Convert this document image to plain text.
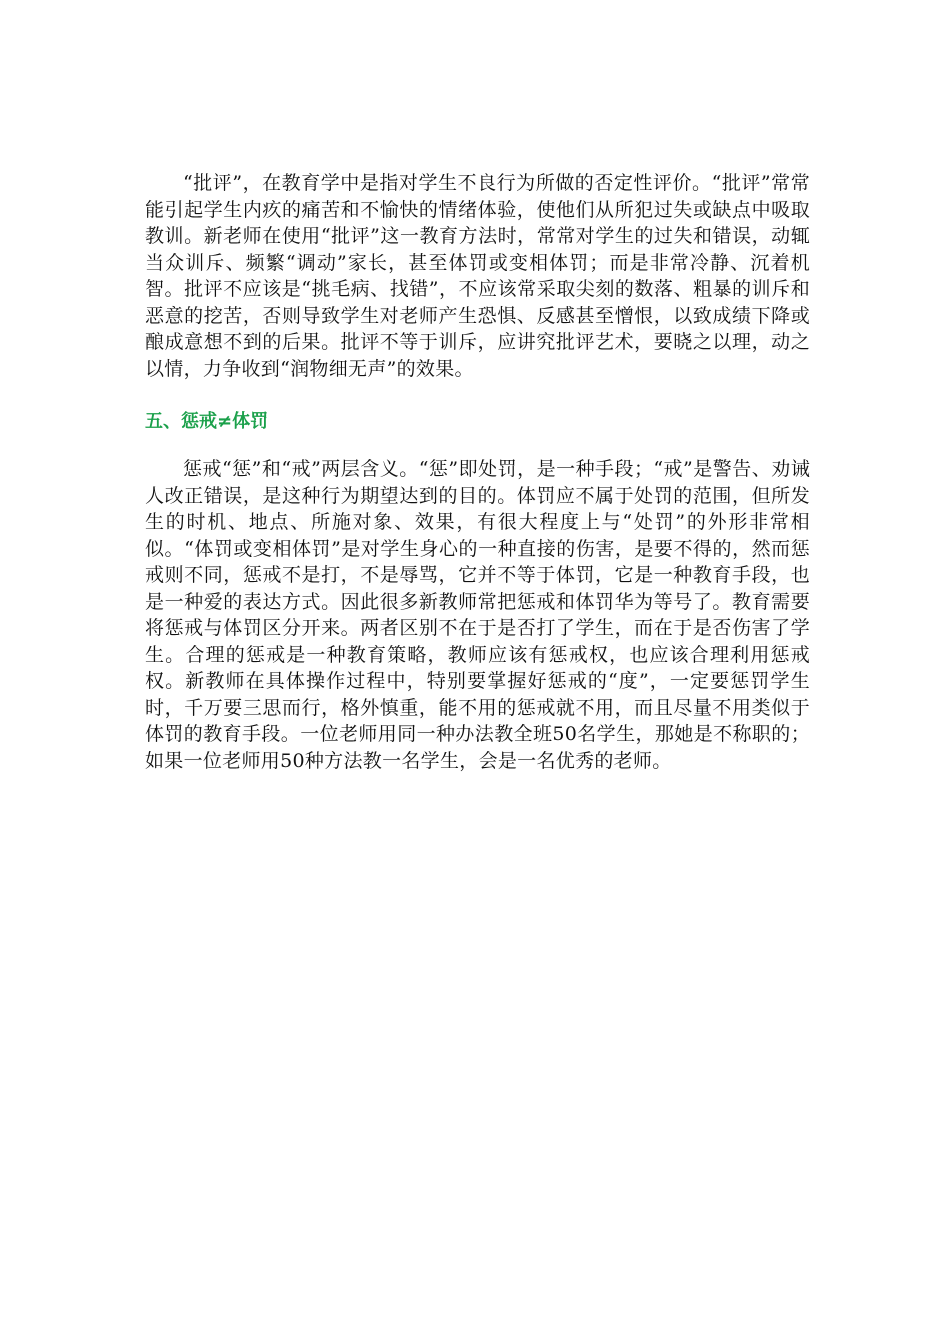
“批评”，在教育学中是指对学生不良行为所做的否定性评价。“批评”常常能引起学生内疚的痛苦和不愉快的情绪体验，使他们从所犯过失或缺点中吸取教训。新老师在使用“批评”这一教育方法时，常常对学生的过失和错误，动辄当众训斥、频繁“调动”家长，甚至体罚或变相体罚；而是非常冷静、沉着机智。批评不应该是“挑毛病、找错”，不应该常采取尖刻的数落、粗暴的训斥和恶意的挖苦，否则导致学生对老师产生恐惧、反感甚至憎恨，以致成绩下降或酿成意想不到的后果。批评不等于训斥，应讲究批评艺术，要晓之以理，动之以情，力争收到“润物细无声”的效果。

五、惩戒≠体罚

惩戒“惩”和“戒”两层含义。“惩”即处罚，是一种手段；“戒”是警告、劝诫人改正错误，是这种行为期望达到的目的。体罚应不属于处罚的范围，但所发生的时机、地点、所施对象、效果，有很大程度上与“处罚”的外形非常相似。“体罚或变相体罚”是对学生身心的一种直接的伤害，是要不得的，然而惩戒则不同，惩戒不是打，不是辱骂，它并不等于体罚，它是一种教育手段，也是一种爱的表达方式。因此很多新教师常把惩戒和体罚华为等号了。教育需要将惩戒与体罚区分开来。两者区别不在于是否打了学生，而在于是否伤害了学生。合理的惩戒是一种教育策略，教师应该有惩戒权，也应该合理利用惩戒权。新教师在具体操作过程中，特别要掌握好惩戒的“度”，一定要惩罚学生时，千万要三思而行，格外慎重，能不用的惩戒就不用，而且尽量不用类似于体罚的教育手段。一位老师用同一种办法教全班50名学生，那她是不称职的；如果一位老师用50种方法教一名学生，会是一名优秀的老师。
